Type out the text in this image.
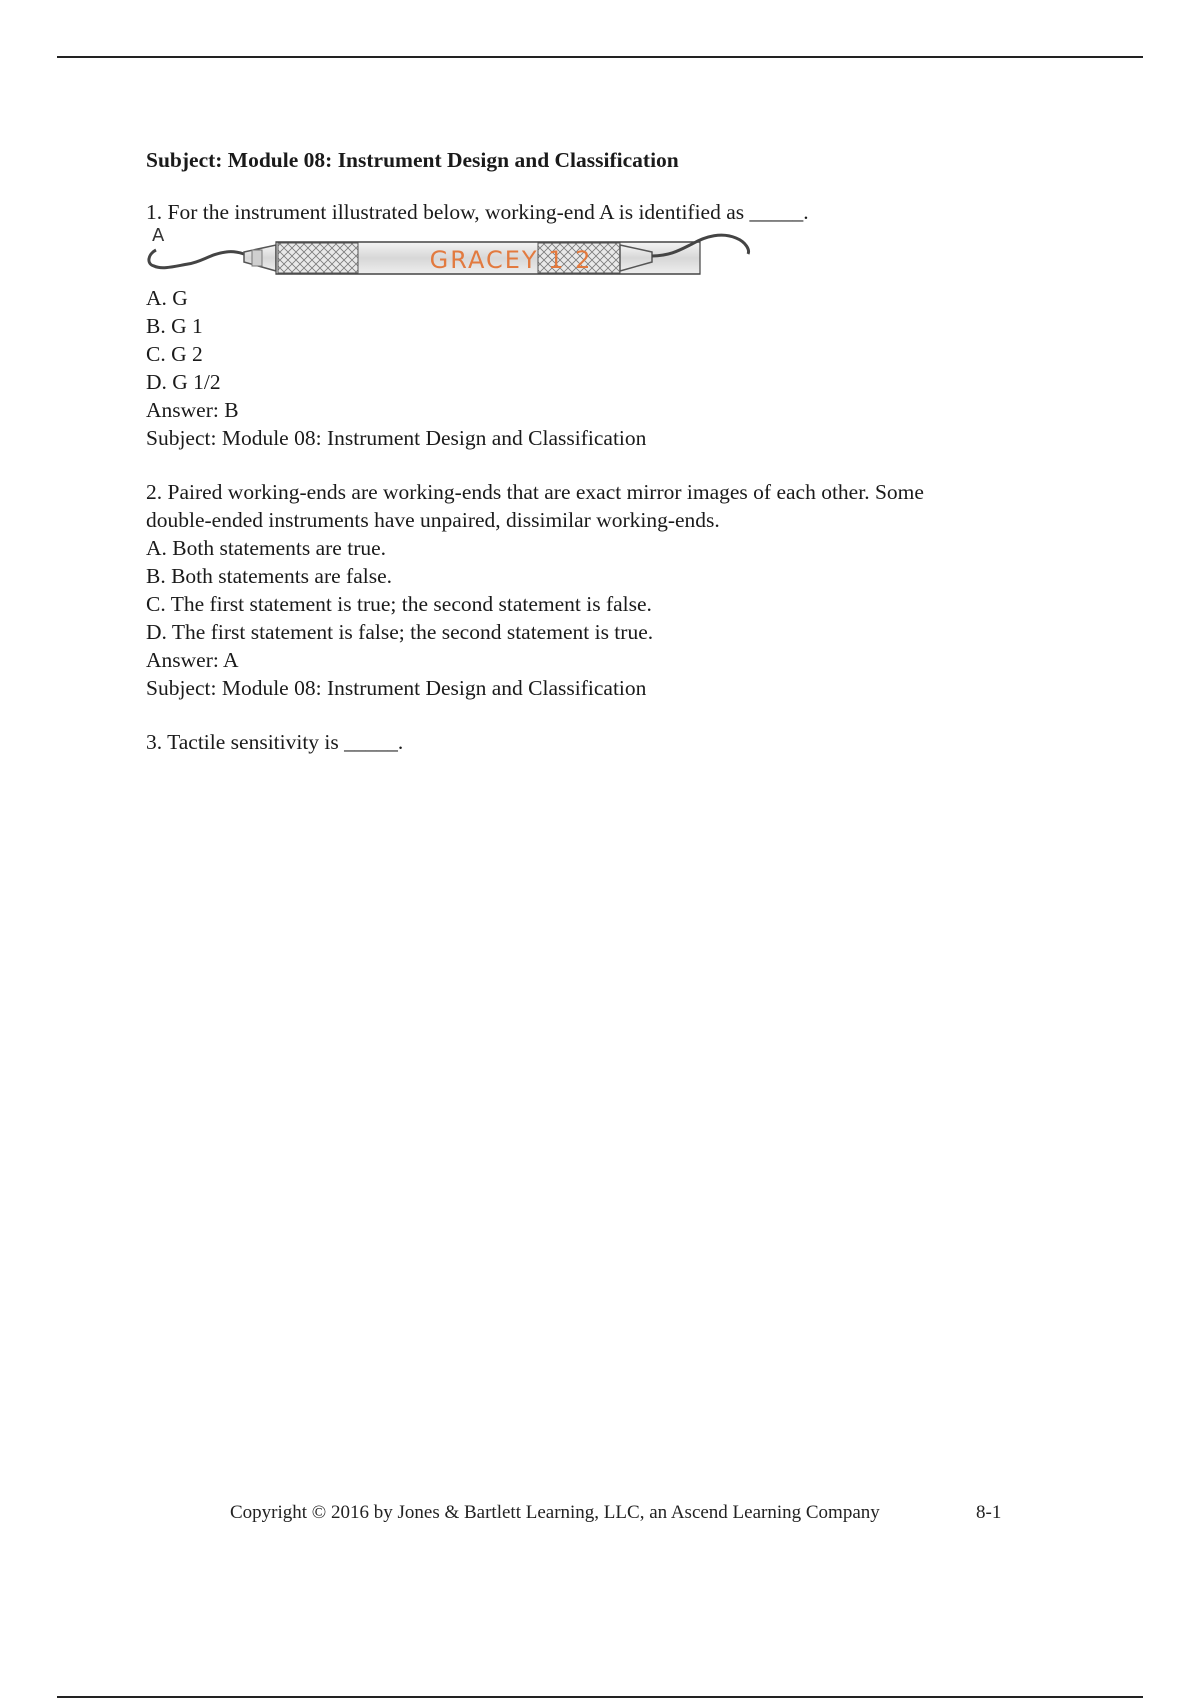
Subject: Module 08: Instrument Design and Classification

1. For the instrument illustrated below, working-end A is identified as _____.
A
GRACEY 1 2
A. G
B. G 1
C. G 2
D. G 1/2
Answer: B
Subject: Module 08: Instrument Design and Classification
2. Paired working-ends are working-ends that are exact mirror images of each other. Some
double-ended instruments have unpaired, dissimilar working-ends.
A. Both statements are true.
B. Both statements are false.
C. The first statement is true; the second statement is false.
D. The first statement is false; the second statement is true.
Answer: A
Subject: Module 08: Instrument Design and Classification
3. Tactile sensitivity is _____.
Copyright © 2016 by Jones & Bartlett Learning, LLC, an Ascend Learning Company	8-1
